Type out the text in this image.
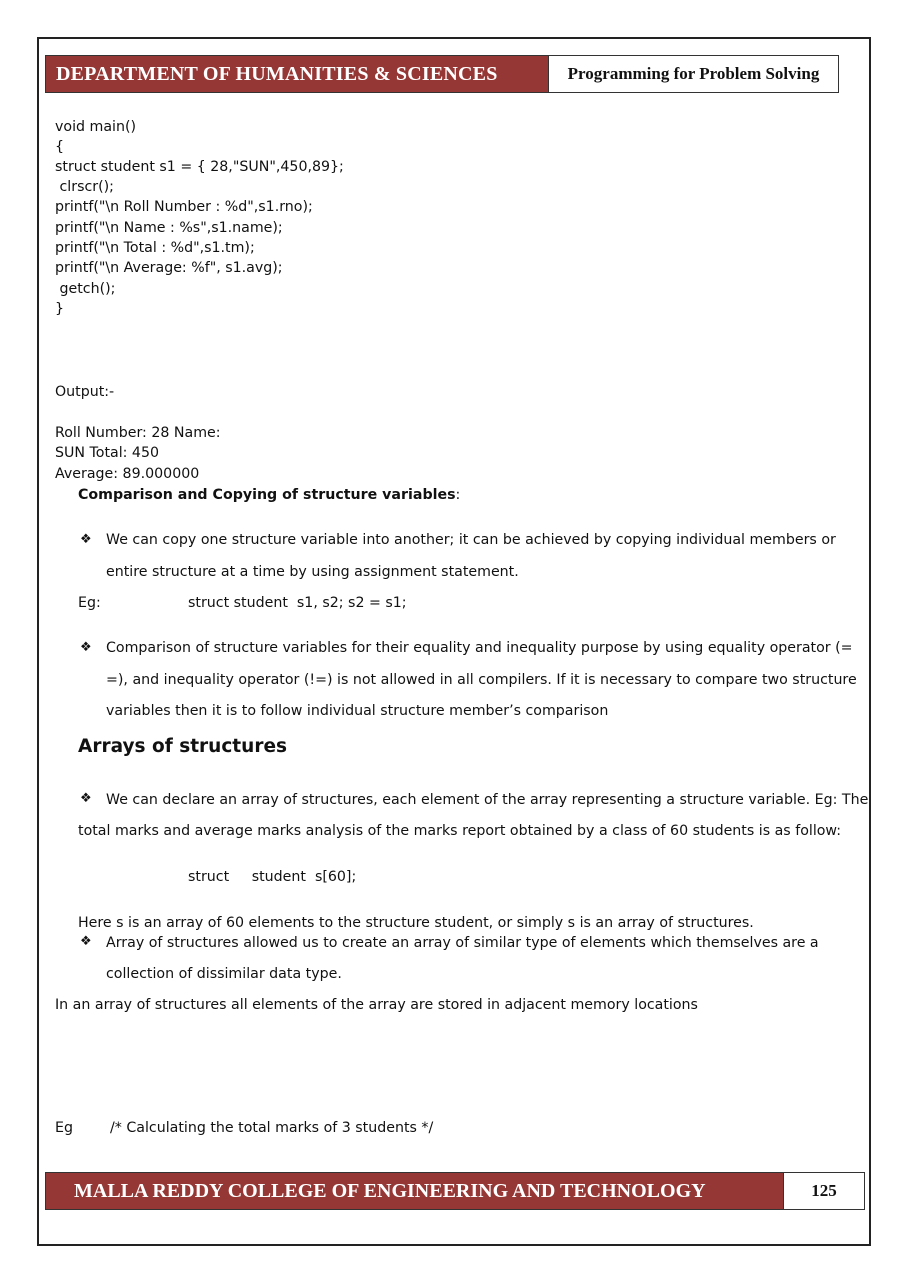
DEPARTMENT OF HUMANITIES & SCIENCES	Programming for Problem Solving
void main()
{
struct student s1 = { 28,"SUN",450,89};
clrscr();
printf("\n Roll Number : %d",s1.rno);
printf("\n Name : %s",s1.name);
printf("\n Total : %d",s1.tm);
printf("\n Average: %f", s1.avg);
getch();
}
Output:-
Roll Number: 28 Name:
SUN Total: 450
Average: 89.000000
Comparison and Copying of structure variables:
❖ We can copy one structure variable into another; it can be achieved by copying individual members or
entire structure at a time by using assignment statement.
Eg:	struct student  s1, s2; s2 = s1;
❖ Comparison of structure variables for their equality and inequality purpose by using equality operator (=
=), and inequality operator (!=) is not allowed in all compilers. If it is necessary to compare two structure
variables then it is to follow individual structure member’s comparison
Arrays of structures
❖ We can declare an array of structures, each element of the array representing a structure variable. Eg: The
total marks and average marks analysis of the marks report obtained by a class of 60 students is as follow:
struct     student  s[60];
Here s is an array of 60 elements to the structure student, or simply s is an array of structures.
❖ Array of structures allowed us to create an array of similar type of elements which themselves are a
collection of dissimilar data type.
In an array of structures all elements of the array are stored in adjacent memory locations
Eg	/* Calculating the total marks of 3 students */
MALLA REDDY COLLEGE OF ENGINEERING AND TECHNOLOGY	125
